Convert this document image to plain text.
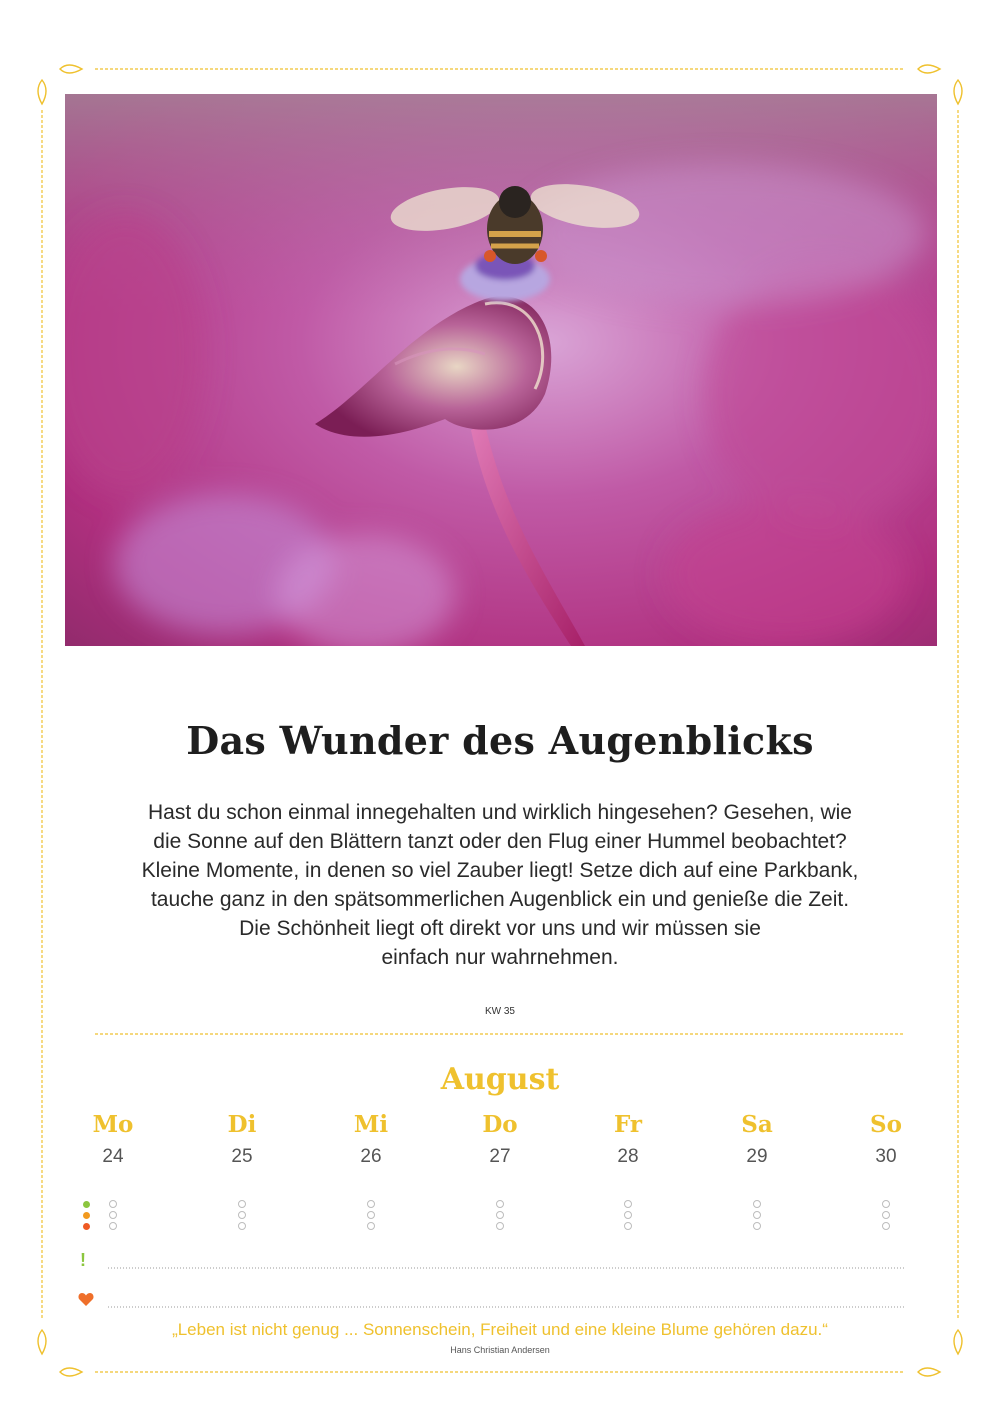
Das Wunder des Augenblicks
Hast du schon einmal innegehalten und wirklich hingesehen? Gesehen, wie
die Sonne auf den Blättern tanzt oder den Flug einer Hummel beobachtet?
Kleine Momente, in denen so viel Zauber liegt! Setze dich auf eine Parkbank,
tauche ganz in den spätsommerlichen Augenblick ein und genieße die Zeit.
Die Schönheit liegt oft direkt vor uns und wir müssen sie
einfach nur wahrnehmen.
KW 35
August
Mo
24
Di
25
Mi
26
Do
27
Fr
28
Sa
29
So
30
!
„Leben ist nicht genug ... Sonnenschein, Freiheit und eine kleine Blume gehören dazu.“
Hans Christian Andersen
